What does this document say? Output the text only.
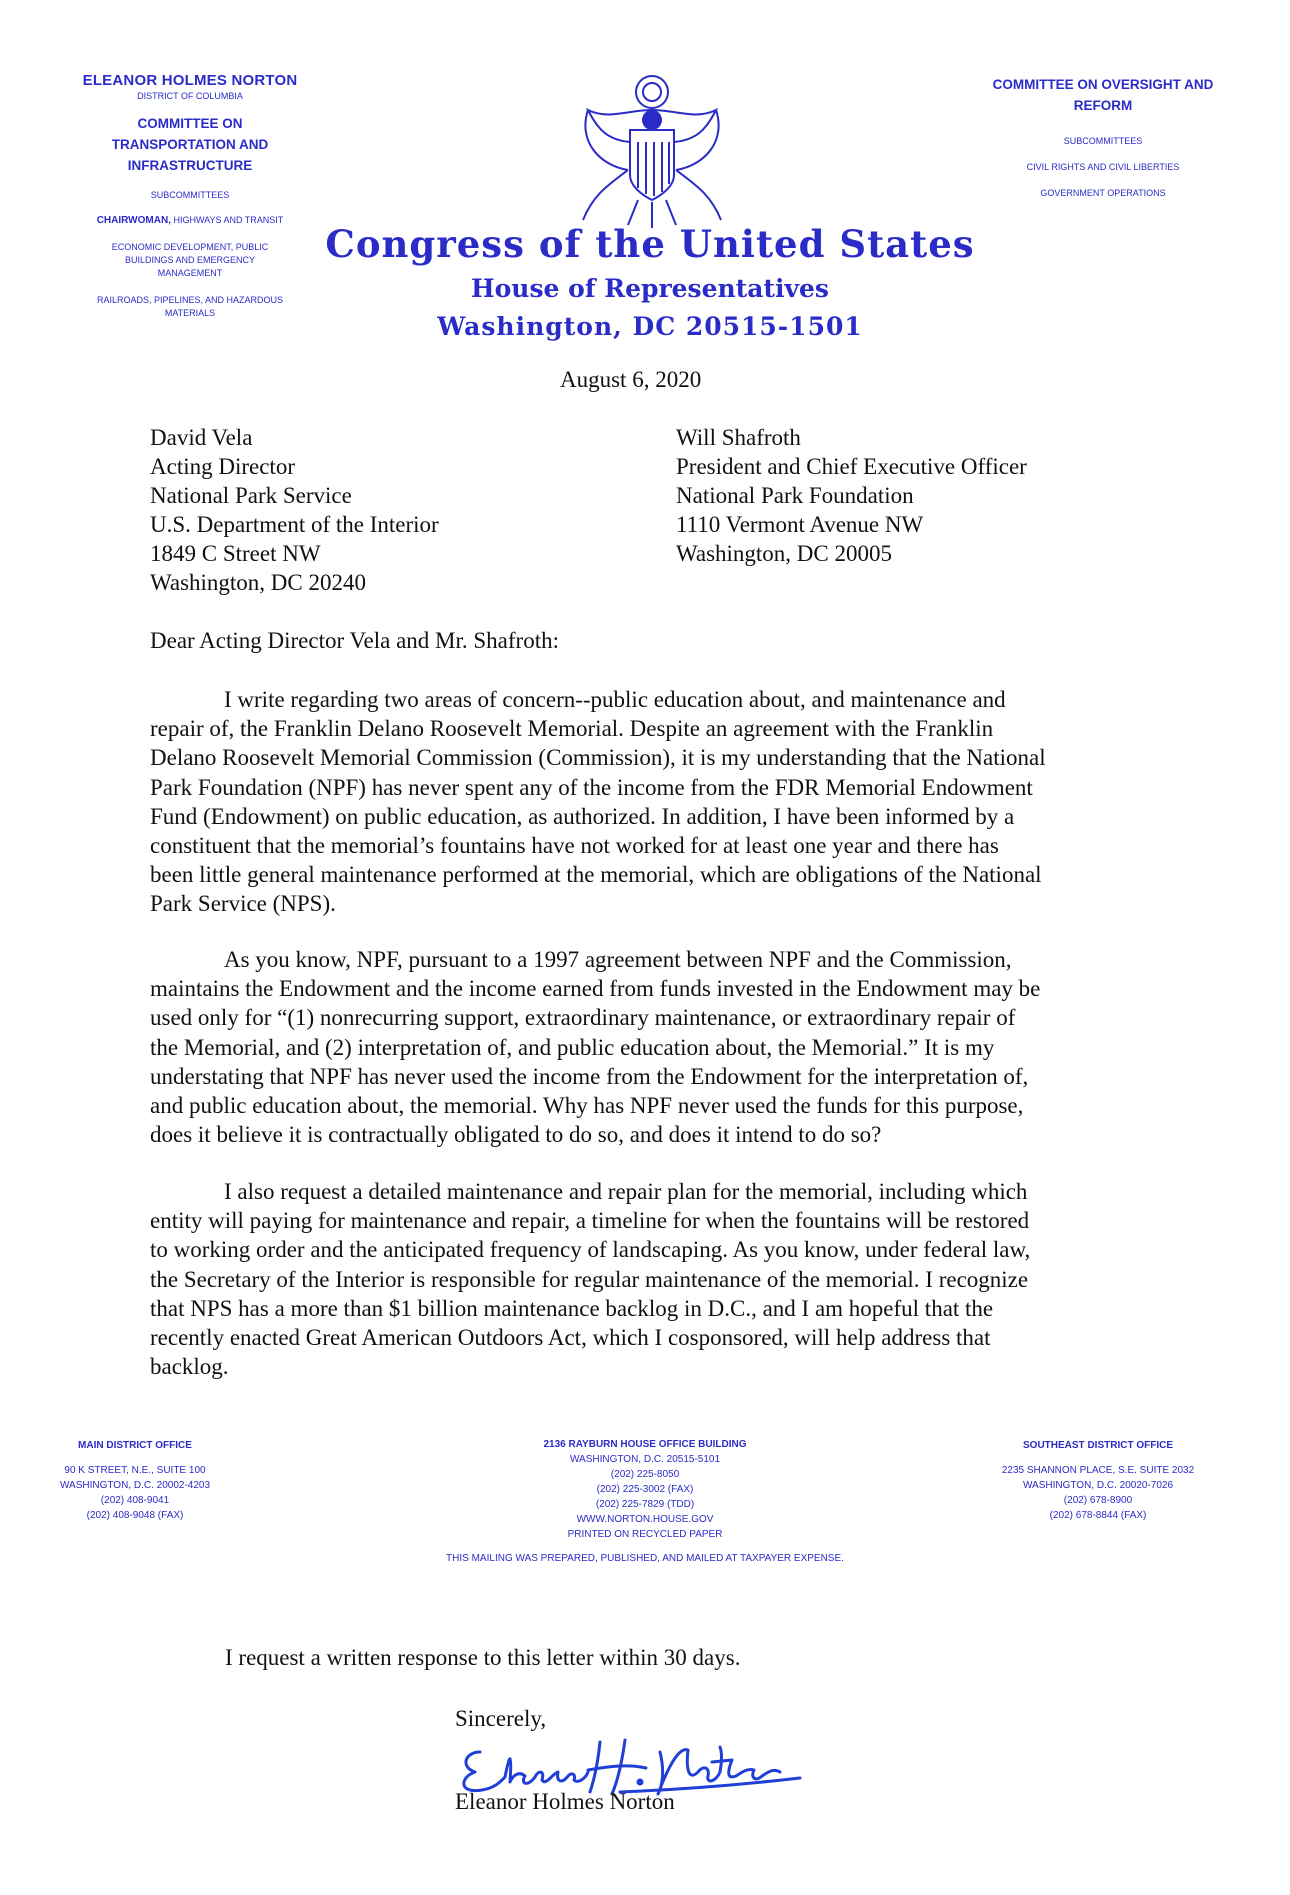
ELEANOR HOLMES NORTON
DISTRICT OF COLUMBIA
COMMITTEE ON
TRANSPORTATION AND
INFRASTRUCTURE
SUBCOMMITTEES
CHAIRWOMAN, HIGHWAYS AND TRANSIT
ECONOMIC DEVELOPMENT, PUBLIC
BUILDINGS AND EMERGENCY
MANAGEMENT
RAILROADS, PIPELINES, AND HAZARDOUS
MATERIALS
Congress of the United States
House of Representatives
Washington, DC 20515-1501
COMMITTEE ON OVERSIGHT AND
REFORM
SUBCOMMITTEES
CIVIL RIGHTS AND CIVIL LIBERTIES
GOVERNMENT OPERATIONS
August 6, 2020
David Vela
Acting Director
National Park Service
U.S. Department of the Interior
1849 C Street NW
Washington, DC 20240
Will Shafroth
President and Chief Executive Officer
National Park Foundation
1110 Vermont Avenue NW
Washington, DC 20005
Dear Acting Director Vela and Mr. Shafroth:
I write regarding two areas of concern--public education about, and maintenance and
repair of, the Franklin Delano Roosevelt Memorial. Despite an agreement with the Franklin
Delano Roosevelt Memorial Commission (Commission), it is my understanding that the National
Park Foundation (NPF) has never spent any of the income from the FDR Memorial Endowment
Fund (Endowment) on public education, as authorized. In addition, I have been informed by a
constituent that the memorial’s fountains have not worked for at least one year and there has
been little general maintenance performed at the memorial, which are obligations of the National
Park Service (NPS).
As you know, NPF, pursuant to a 1997 agreement between NPF and the Commission,
maintains the Endowment and the income earned from funds invested in the Endowment may be
used only for “(1) nonrecurring support, extraordinary maintenance, or extraordinary repair of
the Memorial, and (2) interpretation of, and public education about, the Memorial.” It is my
understating that NPF has never used the income from the Endowment for the interpretation of,
and public education about, the memorial. Why has NPF never used the funds for this purpose,
does it believe it is contractually obligated to do so, and does it intend to do so?
I also request a detailed maintenance and repair plan for the memorial, including which
entity will paying for maintenance and repair, a timeline for when the fountains will be restored
to working order and the anticipated frequency of landscaping. As you know, under federal law,
the Secretary of the Interior is responsible for regular maintenance of the memorial. I recognize
that NPS has a more than $1 billion maintenance backlog in D.C., and I am hopeful that the
recently enacted Great American Outdoors Act, which I cosponsored, will help address that
backlog.
MAIN DISTRICT OFFICE
90 K STREET, N.E., SUITE 100
WASHINGTON, D.C. 20002-4203
(202) 408-9041
(202) 408-9048 (FAX)
2136 RAYBURN HOUSE OFFICE BUILDING
WASHINGTON, D.C. 20515-5101
(202) 225-8050
(202) 225-3002 (FAX)
(202) 225-7829 (TDD)
WWW.NORTON.HOUSE.GOV
PRINTED ON RECYCLED PAPER
SOUTHEAST DISTRICT OFFICE
2235 SHANNON PLACE, S.E. SUITE 2032
WASHINGTON, D.C. 20020-7026
(202) 678-8900
(202) 678-8844 (FAX)
THIS MAILING WAS PREPARED, PUBLISHED, AND MAILED AT TAXPAYER EXPENSE.
I request a written response to this letter within 30 days.
Sincerely,
Eleanor Holmes Norton
